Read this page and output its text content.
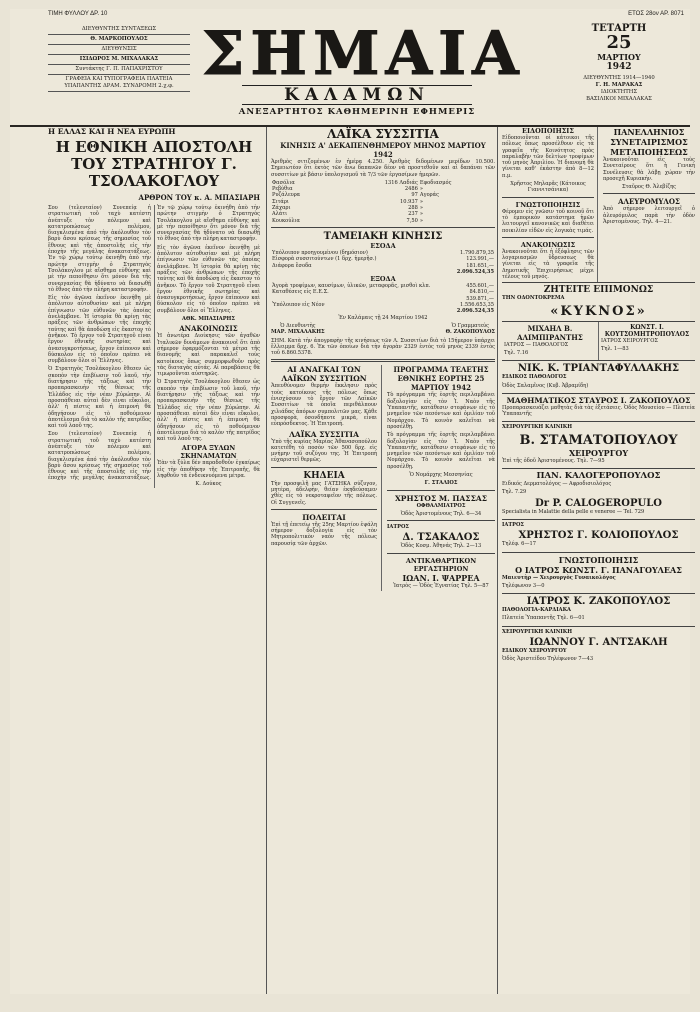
ΤΙΜΗ ΦΥΛΛΟΥ ΔΡ. 10	ΕΤΟΣ 28ον ΑΡ. 8071
ΔΙΕΥΘΥΝΤΗΣ ΣΥΝΤΑΞΕΩΣ
Θ. ΜΑΡΚΟΠΟΥΛΟΣ
ΔΙΕΥΘΥΝΣΙΣ
ΙΣΙΔΩΡΟΣ Μ. ΜΙΧΑΛΑΚΑΣ
Συντάκτης Γ. Π. ΠΑΠΑΧΡΙΣΤΟΥ
ΓΡΑΦΕΙΑ ΚΑΙ ΤΥΠΟΓΡΑΦΕΙΑ ΠΛΑΤΕΙΑ ΥΠΑΠΑΝΤΗΣ ΔΡΑΜ. ΣΥΝΔΡΟΜΗ 2.χ.φ. ΣΗΜΑΙΑ
ΚΑΛΑΜΩΝ
ΑΝΕΞΑΡΤΗΤΟΣ ΚΑΘΗΜΕΡΙΝΗ ΕΦΗΜΕΡΙΣ
ΤΕΤΑΡΤΗ
25
ΜΑΡΤΙΟΥ
1942
ΔΙΕΥΘΥΝΤΗΣ 1914—1940
Γ. Η. ΜΑΡΑΚΑΣ
ΙΔΙΟΚΤΗΤΗΣ
ΒΑΣΙΛΙΚΟΙ ΜΙΧΑΛΑΚΑΣ
Η ΕΛΛΑΣ ΚΑΙ Η ΝΕΑ ΕΥΡΩΠΗ
Η ΕΘΝΙΚΗ ΑΠΟΣΤΟΛΗ ΤΟΥ ΣΤΡΑΤΗΓΟΥ Γ. ΤΣΟΛΑΚΟΓΛΟΥ
ΑΡΘΡΟΝ ΤΟΥ κ. Α. ΜΠΑΣΙΑΡΗ

Σου (τελευταίον) Συνεπείᾳ ἡ στρατιωτικὴ τοῦ ταχὺ κατέστη ἀνέπτυξε τὸν πόλεμον καὶ κατατροπώσεως πολέμου, διαγκλισμένα ἀπό τὴν ἀκόλουθον τὸν βαρὺ ἄσου κρίσεως τῆς σημασίας τοῦ ἔθνους καὶ τῆς ἀποστολῆς εἰς τὴν ἐποχὴν τῆς μεγάλης ἀνακατατάξεως. Ἐν τῷ χώρῳ τούτῳ ἐκινήθη ἀπὸ τὴν πρώτην στιγμὴν ὁ Στρατηγὸς Τσολάκογλου μὲ αἴσθημα εὐθύνης καὶ μὲ τὴν πεποίθησιν ὅτι μόνον διὰ τῆς συνεργασίας θὰ ἠδύνατο νὰ διασωθῇ τὸ ἔθνος ἀπὸ τὴν πλήρη καταστροφήν.

Εἰς τὸν ἀγῶνα ἐκεῖνον ἐκινήθη μὲ ἀπόλυτον αὐτοθυσίαν καὶ μὲ πλήρη ἐπίγνωσιν τῶν εὐθυνῶν τὰς ὁποίας ἀνελάμβανε. Ἡ ἱστορία θὰ κρίνῃ τὰς πράξεις τῶν ἀνθρώπων τῆς ἐποχῆς ταύτης καὶ θὰ ἀποδώσῃ εἰς ἕκαστον τὸ ἀνῆκον. Τὸ ἔργον τοῦ Στρατηγοῦ εἶναι ἔργον ἐθνικῆς σωτηρίας καὶ ἀνασυγκροτήσεως, ἔργον ἐπίπονον καὶ δύσκολον εἰς τὸ ὁποῖον πρέπει νὰ συμβάλουν ὅλοι οἱ Ἕλληνες.

Ὁ Στρατηγὸς Τσολάκογλου ἔθεσεν ὡς σκοπὸν τὴν ἐπιβίωσιν τοῦ λαοῦ, τὴν διατήρησιν τῆς τάξεως καὶ τὴν προπαρασκευὴν τῆς θέσεως τῆς Ἑλλάδος εἰς τὴν νέαν Εὐρώπην. Αἱ προσπάθειαι αὐταὶ δὲν εἶναι εὔκολοι, ἀλλ' ἡ πίστις καὶ ἡ ἐπιμονὴ θὰ ὁδηγήσουν εἰς τὸ ποθούμενον ἀποτέλεσμα διὰ τὸ καλὸν τῆς πατρίδος καὶ τοῦ λαοῦ της.

Σου (τελευταίον) Συνεπείᾳ ἡ στρατιωτικὴ τοῦ ταχὺ κατέστη ἀνέπτυξε τὸν πόλεμον καὶ κατατροπώσεως πολέμου, διαγκλισμένα ἀπό τὴν ἀκόλουθον τὸν βαρὺ ἄσου κρίσεως τῆς σημασίας τοῦ ἔθνους καὶ τῆς ἀποστολῆς εἰς τὴν ἐποχὴν τῆς μεγάλης ἀνακατατάξεως. Ἐν τῷ χώρῳ τούτῳ ἐκινήθη ἀπὸ τὴν πρώτην στιγμὴν ὁ Στρατηγὸς Τσολάκογλου μὲ αἴσθημα εὐθύνης καὶ μὲ τὴν πεποίθησιν ὅτι μόνον διὰ τῆς συνεργασίας θὰ ἠδύνατο νὰ διασωθῇ τὸ ἔθνος ἀπὸ τὴν πλήρη καταστροφήν.

Εἰς τὸν ἀγῶνα ἐκεῖνον ἐκινήθη μὲ ἀπόλυτον αὐτοθυσίαν καὶ μὲ πλήρη ἐπίγνωσιν τῶν εὐθυνῶν τὰς ὁποίας ἀνελάμβανε. Ἡ ἱστορία θὰ κρίνῃ τὰς πράξεις τῶν ἀνθρώπων τῆς ἐποχῆς ταύτης καὶ θὰ ἀποδώσῃ εἰς ἕκαστον τὸ ἀνῆκον. Τὸ ἔργον τοῦ Στρατηγοῦ εἶναι ἔργον ἐθνικῆς σωτηρίας καὶ ἀνασυγκροτήσεως, ἔργον ἐπίπονον καὶ δύσκολον εἰς τὸ ὁποῖον πρέπει νὰ συμβάλουν ὅλοι οἱ Ἕλληνες.

ΑΘΚ. ΜΠΑΣΙΑΡΗΣ
ΑΝΑΚΟΙΝΩΣΙΣ

Ἡ ἀνωτέρα Διοίκησις τῶν ἀγαθῶν Ἰταλικῶν δυνάμεων ἀνακοινοῖ ὅτι ἀπὸ σήμερον ἐφαρμόζονται τὰ μέτρα τῆς διανομῆς καὶ παρακαλεῖ τοὺς κατοίκους ὅπως συμμορφωθοῦν πρὸς τὰς διαταγὰς αὐτάς. Αἱ παραβάσεις θὰ τιμωροῦνται αὐστηρῶς.

Ὁ Στρατηγὸς Τσολάκογλου ἔθεσεν ὡς σκοπὸν τὴν ἐπιβίωσιν τοῦ λαοῦ, τὴν διατήρησιν τῆς τάξεως καὶ τὴν προπαρασκευὴν τῆς θέσεως τῆς Ἑλλάδος εἰς τὴν νέαν Εὐρώπην. Αἱ προσπάθειαι αὐταὶ δὲν εἶναι εὔκολοι, ἀλλ' ἡ πίστις καὶ ἡ ἐπιμονὴ θὰ ὁδηγήσουν εἰς τὸ ποθούμενον ἀποτέλεσμα διὰ τὸ καλὸν τῆς πατρίδος καὶ τοῦ λαοῦ της.

ΑΓΟΡΑ ΞΥΛΩΝ ΣΚΗΝΑΜΑΤΩΝ

Ἐὰν τὰ ξύλα δέν παραδοθοῦν ἐγκαίρως εἰς τὴν ἀποθήκην τῆς Ἐπιτροπῆς, θὰ ληφθοῦν τὰ ἐνδεικνυόμενα μέτρα.

Κ. Δούκος
ΛΑΪΚΑ ΣΥΣΣΙΤΙΑ
ΚΙΝΗΣΙΣ Α' ΔΕΚΑΠΕΝΘΗΜΕΡΟΥ ΜΗΝΟΣ ΜΑΡΤΙΟΥ 1942

Ἀριθμὸς σιτιζομένων ἐν ἡμέρᾳ 4.250. Ἀριθμὸς διδομένων μερίδων 10.500. Σημειωτέον ὅτι ἐκτὸς τῶν ἄνω δαπανῶν δέον νὰ προστεθοῦν καὶ αἱ δαπάναι τῶν συσσιτίων μὲ βάσιν ὑπολογισμοῦ τὰ 7/3 τῶν ἐργασίμων ἡμερῶν.

Φασόλια	1316 Λαδιάς	Εφοδιασμός
Ρεβύθια	2486	»
Ρυζάλευρα	97	Αγοράς
Σιτάρι	10.937	»
Ζάχαρι	288	»
Αλάτι	237	»
Κουκούλια	7,50	»
ΤΑΜΕΙΑΚΗ ΚΙΝΗΣΙΣ
ΕΣΟΔΑ
Υπόλοιπον προηγουμένου (δημόσιον)	1.790.879,35
Εἰσφορὰ συσσιτούντων (1 δρχ. ἡμερῆσ.)	123.991,—
Διάφορα ἔσοδα	181.651,—
	2.096.524,35
ΕΞΟΔΑ
Ἀγορὰ τροφίμων, καυσίμων, ὑλικῶν, μεταφορᾶς, μισθοὶ κλπ.	455.601,—
Καταθέσεις εἰς Ε.Ε.Σ.	84.810,—
	539.871,—
Ὑπόλοιπον εἰς Νέον	1.556.653,35
	2.096.524,35
Ἐν Καλάμαις τῇ 24 Μαρτίου 1942
Ὁ Διευθυντὴς
ΜΑΡ. ΜΙΧΑΛΑΚΗΣ
Ὁ Γραμματεύς
Θ. ΖΑΚΟΠΟΥΛΟΣ

ΣΗΜ. Κατὰ τὴν ἀπογραφὴν τῆς κινήσεως τῶν Λ. Συσσιτίων διὰ τὸ 15ήμερον ὑπάρχει ἔλλειμμα δρχ. 6. Ἐκ τῶν ὁποίων διὰ τὴν ἀγορὰν 2329 ἐντὸς τοῦ μηνὸς 2339 ἐντὸς τοῦ 6.860.5378.

ΑΙ ΑΝΑΓΚΑΙ ΤΩΝ ΛΑΪΚΩΝ ΣΥΣΣΙΤΙΩΝ

Ἀπευθύνομεν θερμὴν ἔκκλησιν πρὸς τοὺς κατοίκους τῆς πόλεως ὅπως ἐνισχύσουν τὸ ἔργον τῶν Λαϊκῶν Συσσιτίων τὰ ὁποῖα περιθάλπουν χιλιάδας ἀπόρων συμπολιτῶν μας. Κάθε προσφορὰ, ὁσονδήποτε μικρὰ, εἶναι εὐπρόσδεκτος. Ἡ Ἐπιτροπή.

ΛΑΪΚΑ ΣΥΣΣΙΤΙΑ

Ὑπὸ τῆς κυρίας Μαρίας Ἀθανασοπούλου κατετέθη τὸ ποσὸν τῶν 500 δρχ. εἰς μνήμην τοῦ συζύγου της. Ἡ Ἐπιτροπὴ εὐχαριστεῖ θερμῶς.

ΚΗΔΕΙΑ

Τὴν προσφιλῆ μας ΓΑΤΣΗΚΑ σύζυγον, μητέρα, ἀδελφὴν, θείαν ἐκηδεύσαμεν χθὲς εἰς τὸ νεκροταφεῖον τῆς πόλεως. Οἱ Συγγενεῖς.

ΠΟΛΕΙΤΑΙ

Ἐπὶ τῇ ἐπετείῳ τῆς 25ης Μαρτίου ἐψάλη σήμερον δοξολογία εἰς τὸν Μητροπολιτικὸν ναόν τῆς πόλεως παρουσίᾳ τῶν ἀρχῶν.

ΠΡΟΓΡΑΜΜΑ ΤΕΛΕΤΗΣ ΕΘΝΙΚΗΣ ΕΟΡΤΗΣ 25 ΜΑΡΤΙΟΥ 1942

Τὸ πρόγραμμα τῆς ἑορτῆς περιλαμβάνει δοξολογίαν εἰς τὸν Ἱ. Ναὸν τῆς Ὑπαπαντῆς, κατάθεσιν στεφάνων εἰς τὸ μνημεῖον τῶν πεσόντων καὶ ὁμιλίαν τοῦ Νομάρχου. Τὸ κοινὸν καλεῖται νὰ προσέλθῃ.

Τὸ πρόγραμμα τῆς ἑορτῆς περιλαμβάνει δοξολογίαν εἰς τὸν Ἱ. Ναὸν τῆς Ὑπαπαντῆς, κατάθεσιν στεφάνων εἰς τὸ μνημεῖον τῶν πεσόντων καὶ ὁμιλίαν τοῦ Νομάρχου. Τὸ κοινὸν καλεῖται νὰ προσέλθῃ.

Ὁ Νομάρχης Μεσσηνίας
Γ. ΣΤΑΛΙΟΣ
ΧΡΗΣΤΟΣ Μ. ΠΑΣΣΑΣ
ΟΦΘΑΛΜΙΑΤΡΟΣ
Ὁδὸς Ἀριστομένους Τηλ. 6—34
ΙΑΤΡΟΣ
Δ. ΤΣΑΚΑΛΟΣ
Ὁδὸς Κοσμ. Ἀθηνάς Τηλ. 2—13
ΑΝΤΙΚΑΘΑΡΤΙΚΟΝ ΕΡΓΑΣΤΗΡΙΟΝ
ΙΩΑΝ. Ι. ΨΑΡΡΕΑ
Ἰατρὸς — Ὁδὸς Ἐγνατίας Τηλ. 5—87
ΕΙΔΟΠΟΙΗΣΙΣ

Εἰδοποιοῦνται οἱ κάτοικοι τῆς πόλεως ὅπως προσέλθουν εἰς τὰ γραφεῖα τῆς Κοινότητος πρὸς παραλαβὴν τῶν δελτίων τροφίμων τοῦ μηνὸς Ἀπριλίου. Ἡ διανομὴ θὰ γίνεται καθ' ἑκάστην ἀπὸ 8—12 π.μ.

Χρῆστος Μηλαρᾶς (Κάτοικος Γιαννιτσάνικα)
ΓΝΩΣΤΟΠΟΙΗΣΙΣ

Φέρομεν εἰς γνῶσιν τοῦ κοινοῦ ὅτι τὸ ἐμπορικὸν κατάστημα ἡμῶν λειτουργεῖ κανονικῶς καὶ διαθέτει ποικιλίαν εἰδῶν εἰς λογικὰς τιμάς.

ΑΝΑΚΟΙΝΩΣΙΣ

Ἀνακοινοῦται ὅτι ἡ ἐξόφλησις τῶν λογαριασμῶν ὕδρευσεως θὰ γίνεται εἰς τὰ γραφεῖα τῆς Δημοτικῆς Ἐπιχειρήσεως μέχρι τέλους τοῦ μηνός.

ΠΑΝΕΛΛΗΝΙΟΣ ΣΥΝΕΤΑΙΡΙΣΜΟΣ ΜΕΤΑΠΟΙΗΣΕΩΣ

Ἀνακοινοῦται εἰς τοὺς Συνεταίρους ὅτι ἡ Γενικὴ Συνέλευσις θὰ λάβῃ χώραν τὴν προσεχῆ Κυριακήν.

Σταῦρος Θ. Ἀλεβίζης
ΑΛΕΥΡΟΜΥΛΟΣ

Ἀπὸ σήμερον λειτουργεῖ ὁ ἀλευρόμυλος παρὰ τὴν ὁδὸν Ἀριστομένους. Τηλ. 4—21.

ΖΗΤΕΙΤΕ ΕΠΙΜΟΝΩΣ
ΤΗΝ ΟΔΟΝΤΟΚΡΕΜΑ
«ΚΥΚΝΟΣ»
ΜΙΧΑΗΛ Β. ΑΛΙΜΠΙΡΑΝΤΗΣ
ΙΑΤΡΟΣ — ΠΑΘΟΛΟΓΟΣ
Τηλ. 7.16
ΚΩΝΣΤ. Ι. ΚΟΥΤΣΟΜΗΤΡΟΠΟΥΛΟΣ
ΙΑΤΡΟΣ ΧΕΙΡΟΥΡΓΟΣ
Τηλ. 1—83
ΝΙΚ. Κ. ΤΡΙΑΝΤΑΦΥΛΛΑΚΗΣ
ΕΙΔΙΚΟΣ ΠΑΘΟΛΟΓΟΣ
Ὁδὸς Σαλαμῖνος (Κυβ. Ἀβραμίδη)
ΜΑΘΗΜΑΤΙΚΟΣ ΣΤΑΥΡΟΣ Ι. ΖΑΚΟΠΟΥΛΟΣ
Προπαρασκευάζει μαθητὰς διὰ τὰς ἐξετάσεις. Ὁδὸς Μουσείου — Πλατεία Ὑπαπαντῆς
ΧΕΙΡΟΥΡΓΙΚΗ ΚΛΙΝΙΚΗ
Β. ΣΤΑΜΑΤΟΠΟΥΛΟΥ
ΧΕΙΡΟΥΡΓΟΥ
Ἐπὶ τῆς ὁδοῦ Ἀριστομένους. Τηλ. 7—95
ΠΑΝ. ΚΑΛΟΓΕΡΟΠΟΥΛΟΣ
Ειδικός Δερματολόγος — Αφροδισιολόγος
Τηλ. 7.29
Dr P. CALOGEROPULO
Specialista in Malattie della pelle e veneree — Tel. 729
ΙΑΤΡΟΣ
ΧΡΗΣΤΟΣ Γ. ΚΟΛΙΟΠΟΥΛΟΣ
Τηλέφ. 6—17
ΓΝΩΣΤΟΠΟΙΗΣΙΣ
Ο ΙΑΤΡΟΣ ΚΩΝΣΤ. Γ. ΠΑΝΑΓΟΥΛΕΑΣ
Μαιευτὴρ — Χειρουργὸς Γυναικολόγος
Τηλέφωνον 3—0
ΙΑΤΡΟΣ Κ. ΖΑΚΟΠΟΥΛΟΣ
ΠΑΘΟΛΟΓΙΑ-ΚΑΡΔΙΑΚΑ
Πλατεία Ὑπαπαντῆς Τηλ. 6—01
ΧΕΙΡΟΥΡΓΙΚΗ ΚΛΙΝΙΚΗ
ΙΩΑΝΝΟΥ Γ. ΑΝΤΣΑΚΛΗ
ΕΙΔΙΚΟΥ ΧΕΙΡΟΥΡΓΟΥ
Ὁδὸς Ἀριστείδου Τηλέφωνον 7—43
